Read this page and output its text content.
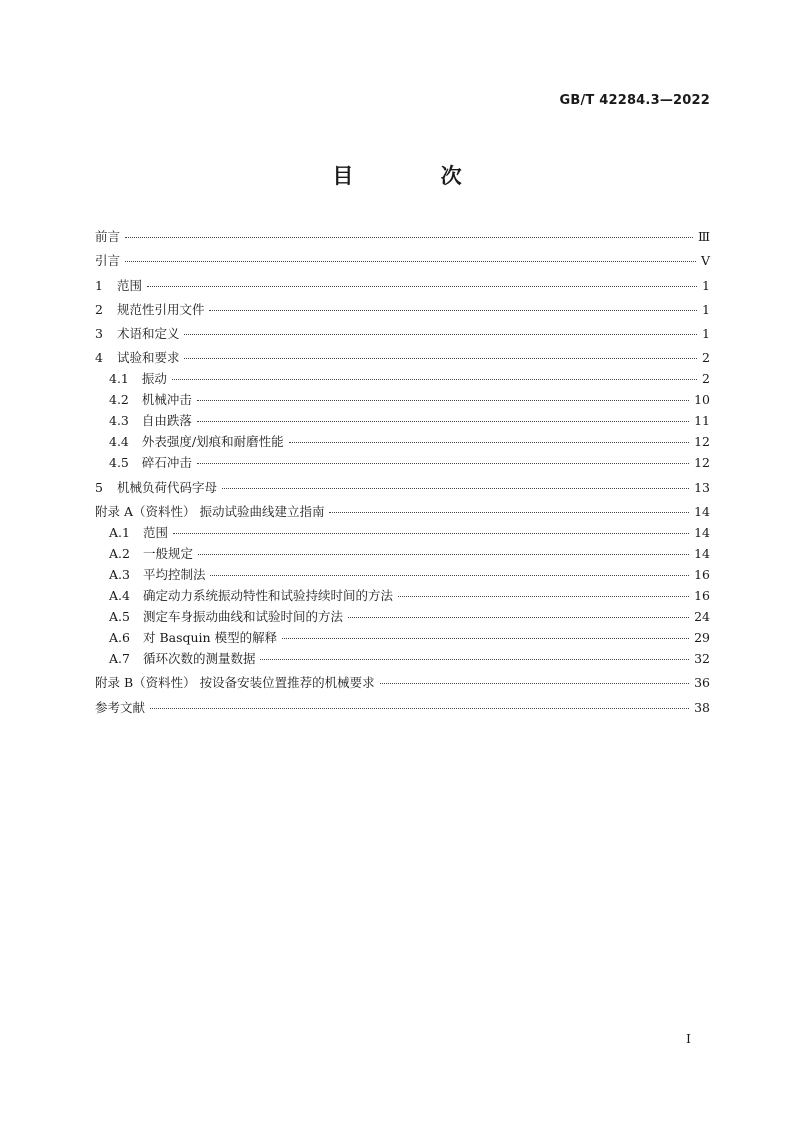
GB/T 42284.3—2022
目 次
前言	Ⅲ
引言	Ⅴ
1 范围	1
2 规范性引用文件	1
3 术语和定义	1
4 试验和要求	2
4.1 振动	2
4.2 机械冲击	10
4.3 自由跌落	11
4.4 外表强度/划痕和耐磨性能	12
4.5 碎石冲击	12
5 机械负荷代码字母	13
附录 A（资料性） 振动试验曲线建立指南	14
A.1 范围	14
A.2 一般规定	14
A.3 平均控制法	16
A.4 确定动力系统振动特性和试验持续时间的方法	16
A.5 测定车身振动曲线和试验时间的方法	24
A.6 对 Basquin 模型的解释	29
A.7 循环次数的测量数据	32
附录 B（资料性） 按设备安装位置推荐的机械要求	36
参考文献	38
I
